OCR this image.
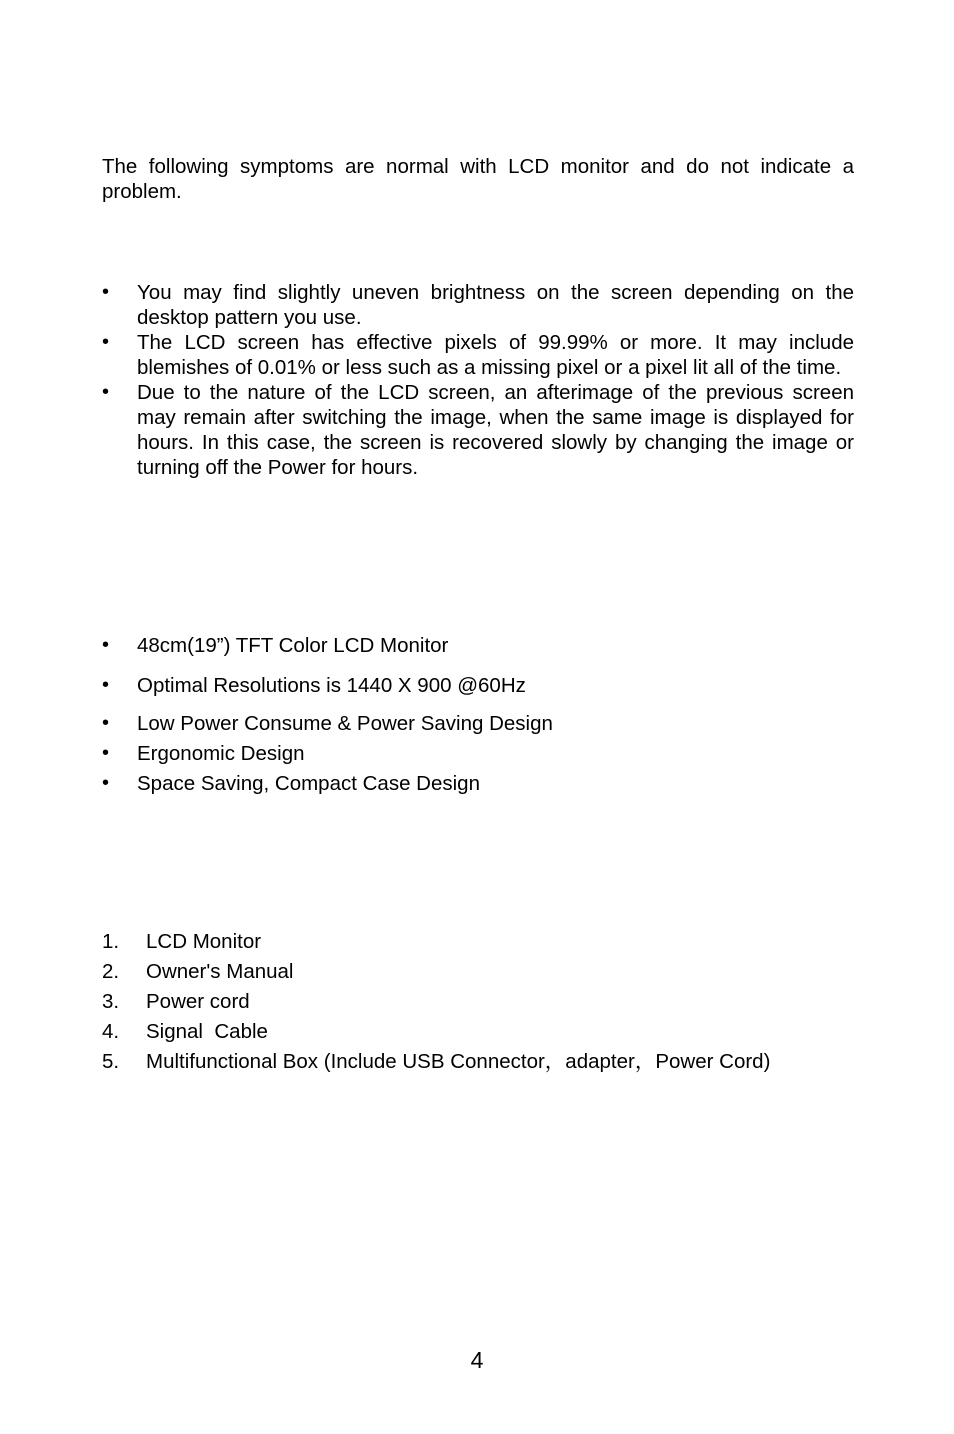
The following symptoms are normal with LCD monitor and do not indicate a problem.

•	You may find slightly uneven brightness on the screen depending on the desktop pattern you use.
•	The LCD screen has effective pixels of 99.99% or more. It may include blemishes of 0.01% or less such as a missing pixel or a pixel lit all of the time.
•	Due to the nature of the LCD screen, an afterimage of the previous screen may remain after switching the image, when the same image is displayed for hours. In this case, the screen is recovered slowly by changing the image or turning off the Power for hours.
•	48cm(19”) TFT Color LCD Monitor
•	Optimal Resolutions is 1440 X 900 @60Hz
•	Low Power Consume & Power Saving Design
•	Ergonomic Design
•	Space Saving, Compact Case Design
1. LCD Monitor
2. Owner's Manual
3. Power cord
4. Signal  Cable
5. Multifunctional Box (Include USB Connector，adapter，Power Cord)
4
